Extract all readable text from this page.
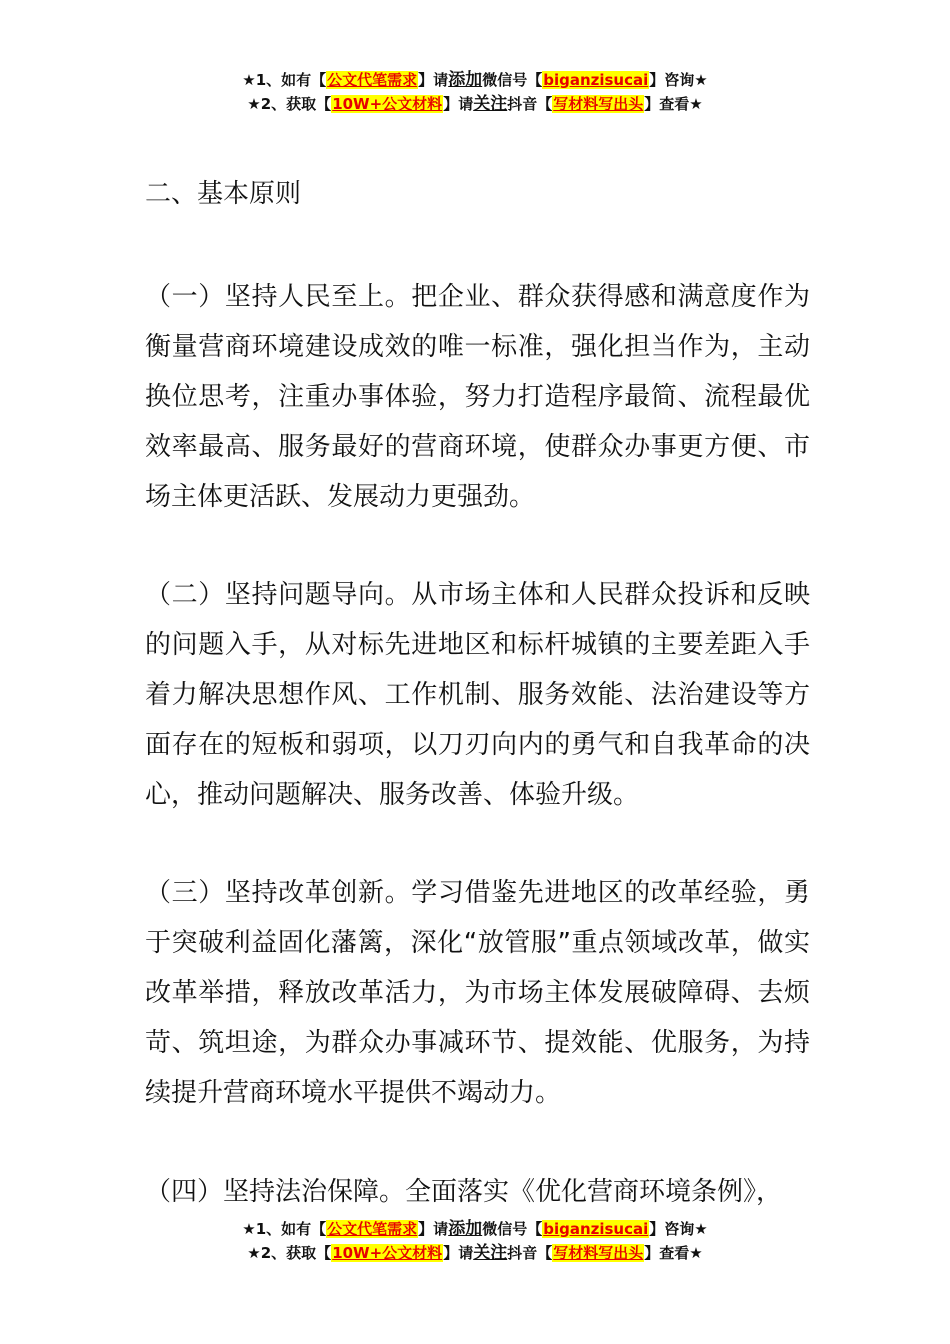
★1、如有【公文代笔需求】请添加微信号【biganzisucai】咨询★
★2、获取【10W+公文材料】请关注抖音【写材料写出头】查看★
二、基本原则

（一）坚持人民至上。把企业、群众获得感和满意度作为衡量营商环境建设成效的唯一标准，强化担当作为，主动换位思考，注重办事体验，努力打造程序最简、流程最优效率最高、服务最好的营商环境，使群众办事更方便、市场主体更活跃、发展动力更强劲。

（二）坚持问题导向。从市场主体和人民群众投诉和反映的问题入手，从对标先进地区和标杆城镇的主要差距入手着力解决思想作风、工作机制、服务效能、法治建设等方面存在的短板和弱项，以刀刃向内的勇气和自我革命的决心，推动问题解决、服务改善、体验升级。

（三）坚持改革创新。学习借鉴先进地区的改革经验，勇于突破利益固化藩篱，深化“放管服”重点领域改革，做实改革举措，释放改革活力，为市场主体发展破障碍、去烦苛、筑坦途，为群众办事减环节、提效能、优服务，为持续提升营商环境水平提供不竭动力。

（四）坚持法治保障。全面落实《优化营商环境条例》，

★1、如有【公文代笔需求】请添加微信号【biganzisucai】咨询★
★2、获取【10W+公文材料】请关注抖音【写材料写出头】查看★
